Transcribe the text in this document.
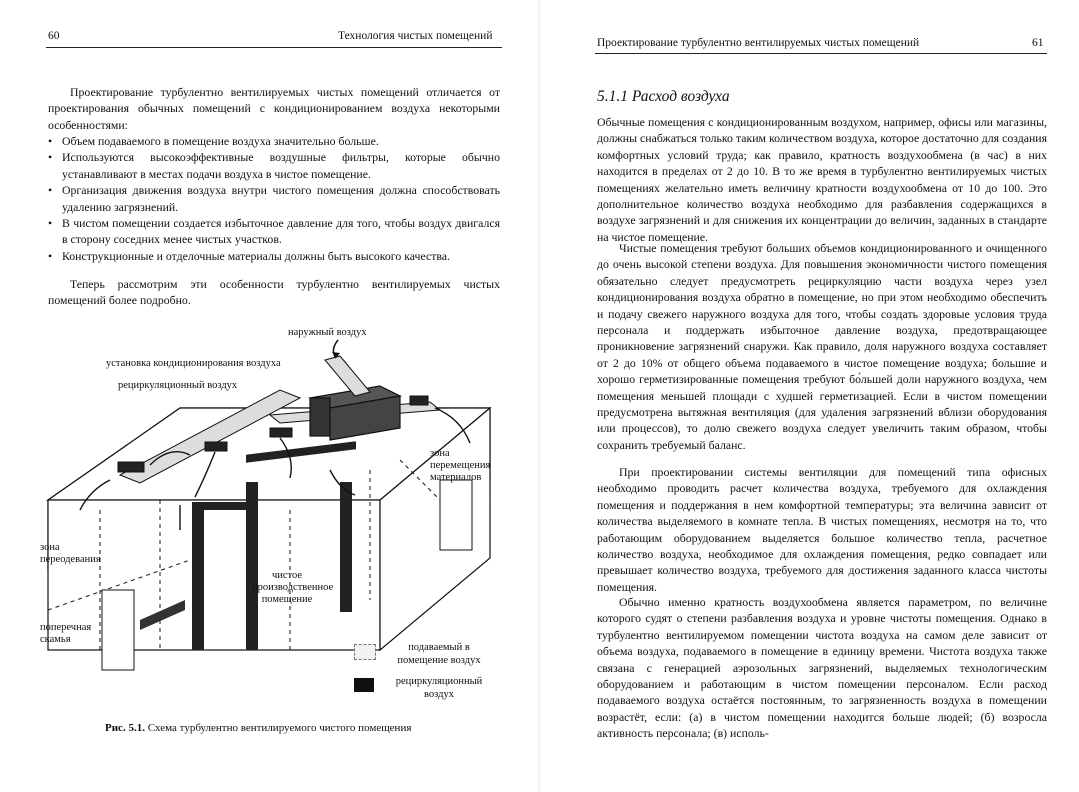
60	Технология чистых помещений

Проектирование турбулентно вентилируемых чистых помещений отличается от проектирования обычных помещений с кондиционированием воздуха некоторыми особенностями:

• Объем подаваемого в помещение воздуха значительно больше.
• Используются высокоэффективные воздушные фильтры, которые обычно устанавливают в местах подачи воздуха в чистое помещение.
• Организация движения воздуха внутри чистого помещения должна способствовать удалению загрязнений.
• В чистом помещении создается избыточное давление для того, чтобы воздух двигался в сторону соседних менее чистых участков.
• Конструкционные и отделочные материалы должны быть высокого качества.

Теперь рассмотрим эти особенности турбулентно вентилируемых чистых помещений более подробно.

наружный воздух
установка кондиционирования воздуха
рециркуляционный воздух
зона перемещения материалов
зона переодевания
поперечная скамья
чистое производственное помещение
подаваемый в помещение воздух
рециркуляционный воздух
Рис. 5.1. Схема турбулентно вентилируемого чистого помещения
Проектирование турбулентно вентилируемых чистых помещений	61
5.1.1 Расход воздуха

Обычные помещения с кондиционированным воздухом, например, офисы или магазины, должны снабжаться только таким количеством воздуха, которое достаточно для создания комфортных условий труда; как правило, кратность воздухообмена (в час) в них находится в пределах от 2 до 10. В то же время в турбулентно вентилируемых чистых помещениях желательно иметь величину кратности воздухообмена от 10 до 100. Это дополнительное количество воздуха необходимо для разбавления содержащихся в воздухе загрязнений и для снижения их концентрации до величин, заданных в стандарте на чистое помещение.

Чистые помещения требуют больших объемов кондиционированного и очищенного до очень высокой степени воздуха. Для повышения экономичности чистого помещения обязательно следует предусмотреть рециркуляцию части воздуха через узел кондиционирования воздуха обратно в помещение, но при этом необходимо обеспечить и подачу свежего наружного воздуха для того, чтобы создать здоровые условия труда персонала и поддержать избыточное давление воздуха, предотвращающее проникновение загрязнений снаружи. Как правило, доля наружного воздуха составляет от 2 до 10% от общего объема подаваемого в чистое помещение воздуха; большие и хорошо герметизированные помещения требуют бо́льшей доли наружного воздуха, чем помещения меньшей площади с худшей герметизацией. Если в чистом помещении предусмотрена вытяжная вентиляция (для удаления загрязнений вблизи оборудования или процессов), то долю свежего воздуха следует увеличить таким образом, чтобы сохранить требуемый баланс.

При проектировании системы вентиляции для помещений типа офисных необходимо проводить расчет количества воздуха, требуемого для охлаждения помещения и поддержания в нем комфортной температуры; эта величина зависит от количества выделяемого в комнате тепла. В чистых помещениях, несмотря на то, что работающим оборудованием выделяется большое количество тепла, расчетное количество воздуха, необходимое для охлаждения помещения, редко совпадает или превышает количество воздуха, требуемого для достижения заданного класса чистоты помещения.

Обычно именно кратность воздухообмена является параметром, по величине которого судят о степени разбавления воздуха и уровне чистоты помещения. Однако в турбулентно вентилируемом помещении чистота воздуха на самом деле зависит от объема воздуха, подаваемого в помещение в единицу времени. Чистота воздуха также связана с генерацией аэрозольных загрязнений, выделяемых технологическим оборудованием и работающим в чистом помещении персоналом. Если расход подаваемого воздуха остаётся постоянным, то загрязненность воздуха в помещении возрастёт, если: (а) в чистом помещении находится больше людей; (б) возросла активность персонала; (в) исполь-
